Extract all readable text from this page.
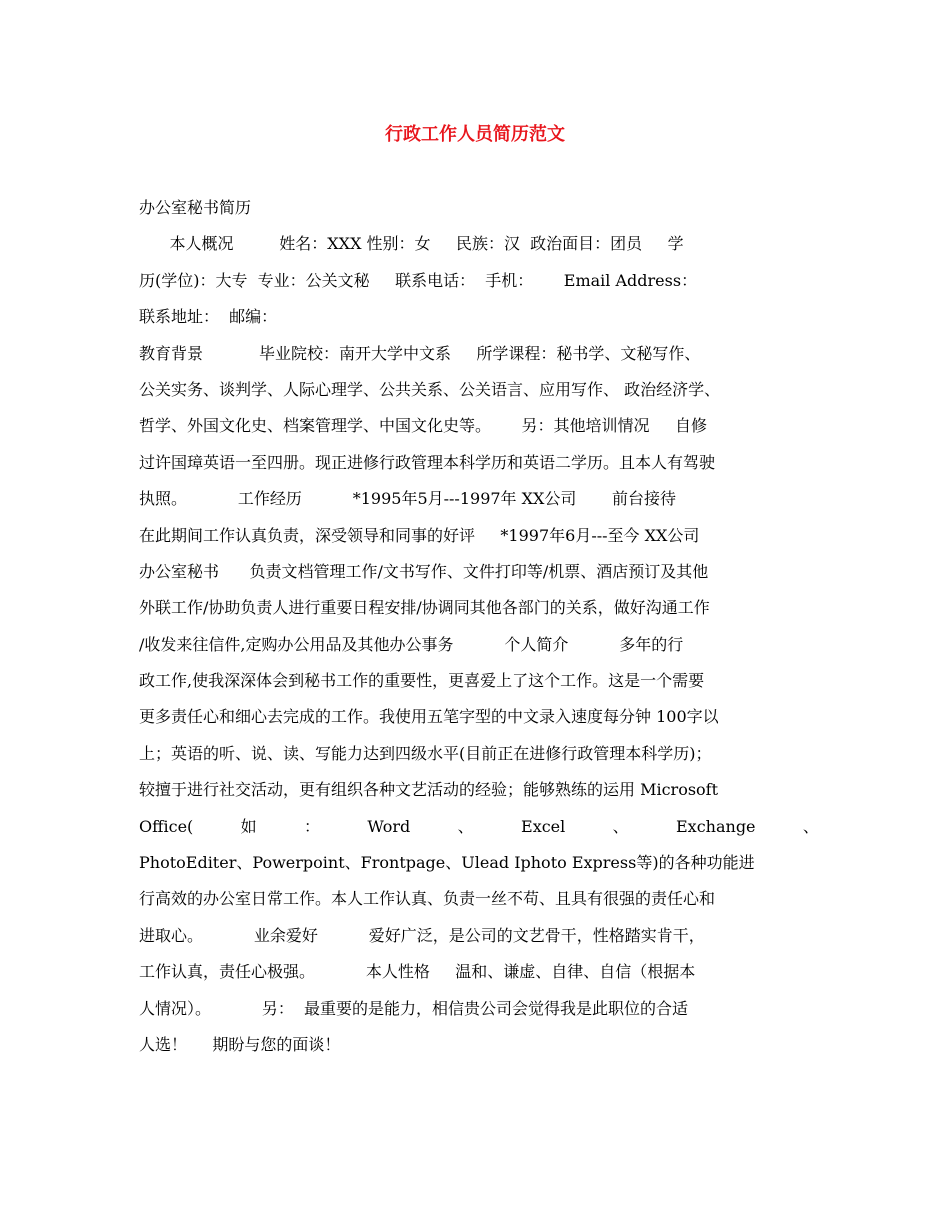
行政工作人员简历范文
办公室秘书简历
本人概况         姓名：XXX 性别：女     民族：汉  政治面目：团员     学
历(学位)：大专  专业：公关文秘     联系电话：  手机：      Email Address：
联系地址：  邮编：
教育背景           毕业院校：南开大学中文系     所学课程：秘书学、文秘写作、
公关实务、谈判学、人际心理学、公共关系、公关语言、应用写作、 政治经济学、
哲学、外国文化史、档案管理学、中国文化史等。      另：其他培训情况     自修
过许国璋英语一至四册。现正进修行政管理本科学历和英语二学历。且本人有驾驶
执照。          工作经历          *1995年5月---1997年 XX公司       前台接待
在此期间工作认真负责，深受领导和同事的好评     *1997年6月---至今 XX公司
办公室秘书      负责文档管理工作/文书写作、文件打印等/机票、酒店预订及其他
外联工作/协助负责人进行重要日程安排/协调同其他各部门的关系，做好沟通工作
/收发来往信件,定购办公用品及其他办公事务          个人简介          多年的行
政工作,使我深深体会到秘书工作的重要性，更喜爱上了这个工作。这是一个需要
更多责任心和细心去完成的工作。我使用五笔字型的中文录入速度每分钟 100字以
上；英语的听、说、读、写能力达到四级水平(目前正在进修行政管理本科学历)；
较擅于进行社交活动，更有组织各种文艺活动的经验；能够熟练的运用 Microsoft
Office(	如	：	Word	、	Excel	、	Exchange	、
PhotoEditer、Powerpoint、Frontpage、Ulead Iphoto Express等)的各种功能进
行高效的办公室日常工作。本人工作认真、负责一丝不苟、且具有很强的责任心和
进取心。          业余爱好          爱好广泛，是公司的文艺骨干，性格踏实肯干，
工作认真，责任心极强。          本人性格     温和、谦虚、自律、自信（根据本
人情况）。          另：  最重要的是能力，相信贵公司会觉得我是此职位的合适
人选！     期盼与您的面谈！
